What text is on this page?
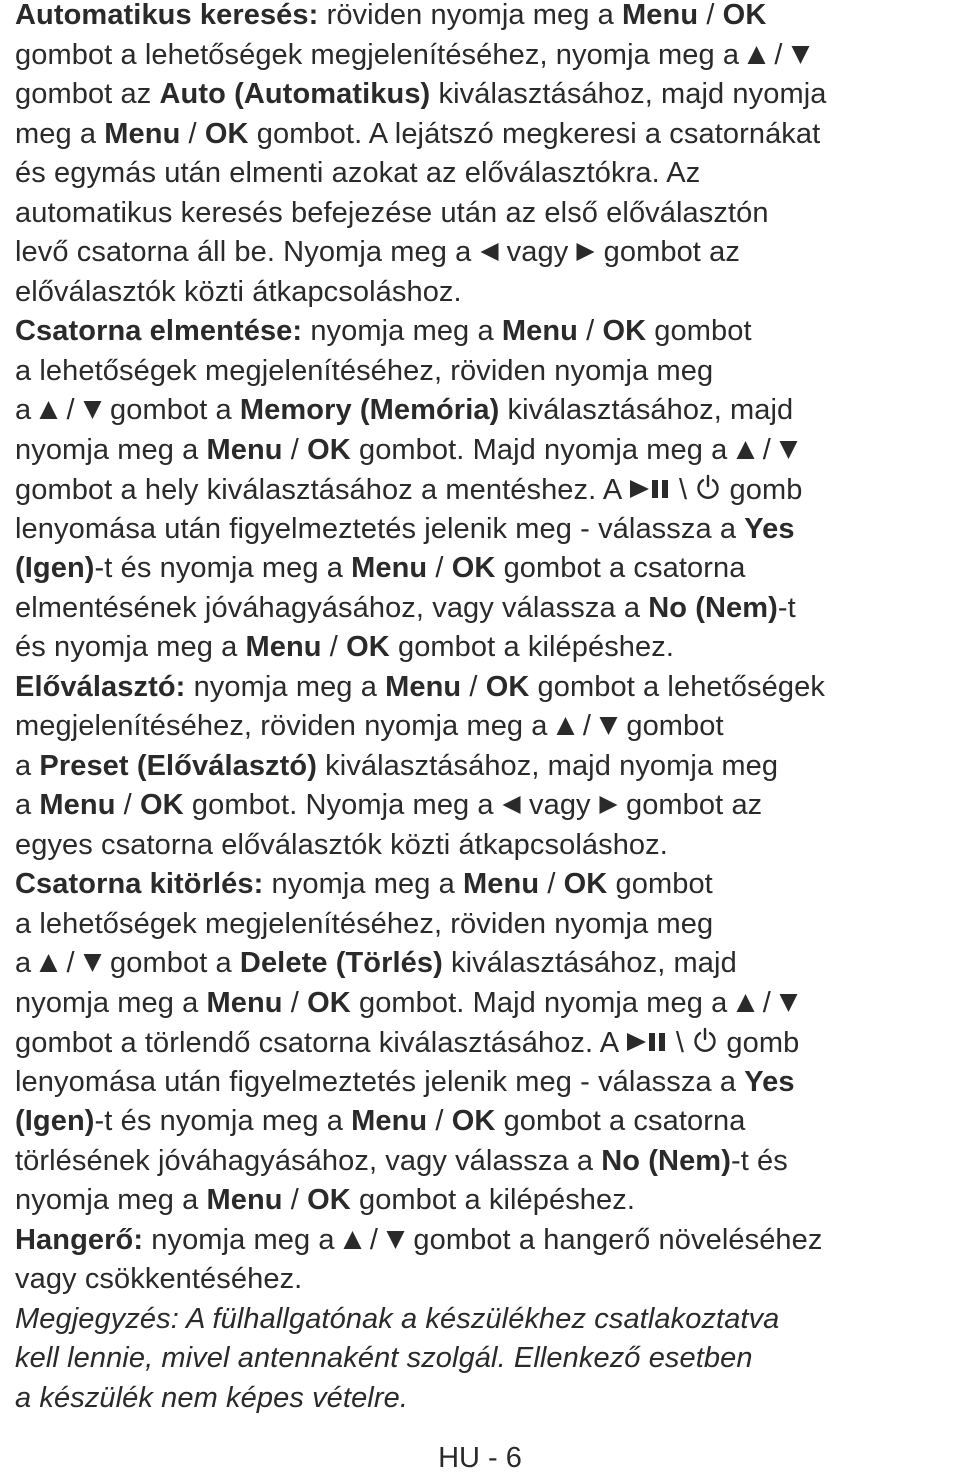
Automatikus keresés: röviden nyomja meg a Menu / OK
gombot a lehetőségek megjelenítéséhez, nyomja meg a
/
gombot az Auto (Automatikus) kiválasztásához, majd nyomja
meg a Menu / OK gombot. A lejátszó megkeresi a csatornákat
és egymás után elmenti azokat az előválasztókra. Az
automatikus keresés befejezése után az első előválasztón
levő csatorna áll be. Nyomja meg a
vagy
gombot az
előválasztók közti átkapcsoláshoz.
Csatorna elmentése: nyomja meg a Menu / OK gombot
a lehetőségek megjelenítéséhez, röviden nyomja meg
a
/
gombot a Memory (Memória) kiválasztásához, majd
nyomja meg a Menu / OK gombot. Majd nyomja meg a
/
gombot a hely kiválasztásához a mentéshez. A
\
gomb
lenyomása után figyelmeztetés jelenik meg - válassza a Yes
(Igen)-t és nyomja meg a Menu / OK gombot a csatorna
elmentésének jóváhagyásához, vagy válassza a No (Nem)-t
és nyomja meg a Menu / OK gombot a kilépéshez.
Előválasztó: nyomja meg a Menu / OK gombot a lehetőségek
megjelenítéséhez, röviden nyomja meg a
/
gombot
a Preset (Előválasztó) kiválasztásához, majd nyomja meg
a Menu / OK gombot. Nyomja meg a
vagy
gombot az
egyes csatorna előválasztók közti átkapcsoláshoz.
Csatorna kitörlés: nyomja meg a Menu / OK gombot
a lehetőségek megjelenítéséhez, röviden nyomja meg
a
/
gombot a Delete (Törlés) kiválasztásához, majd
nyomja meg a Menu / OK gombot. Majd nyomja meg a
/
gombot a törlendő csatorna kiválasztásához. A
\
gomb
lenyomása után figyelmeztetés jelenik meg - válassza a Yes
(Igen)-t és nyomja meg a Menu / OK gombot a csatorna
törlésének jóváhagyásához, vagy válassza a No (Nem)-t és
nyomja meg a Menu / OK gombot a kilépéshez.
Hangerő: nyomja meg a
/
gombot a hangerő növeléséhez
vagy csökkentéséhez.
Megjegyzés: A fülhallgatónak a készülékhez csatlakoztatva
kell lennie, mivel antennaként szolgál. Ellenkező esetben
a készülék nem képes vételre.
HU - 6
